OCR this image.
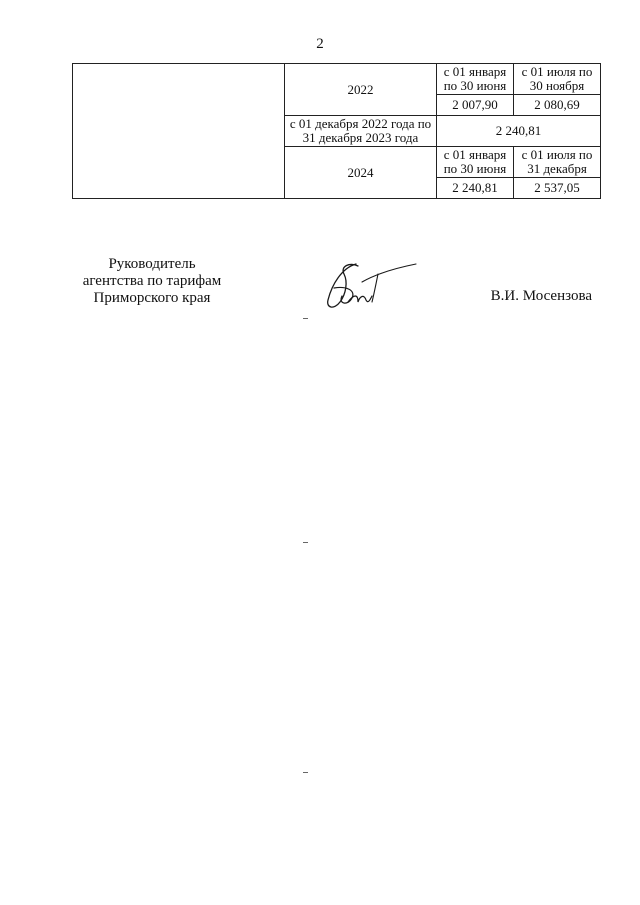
2
	2022	с 01 января по 30 июня	с 01 июля по 30 ноября
		2 007,90	2 080,69
	с 01 декабря 2022 года по 31 декабря 2023 года	2 240,81	
	2024	с 01 января по 30 июня	с 01 июля по 31 декабря
		2 240,81	2 537,05
Руководитель
агентства по тарифам
Приморского края	В.И. Мосензова
